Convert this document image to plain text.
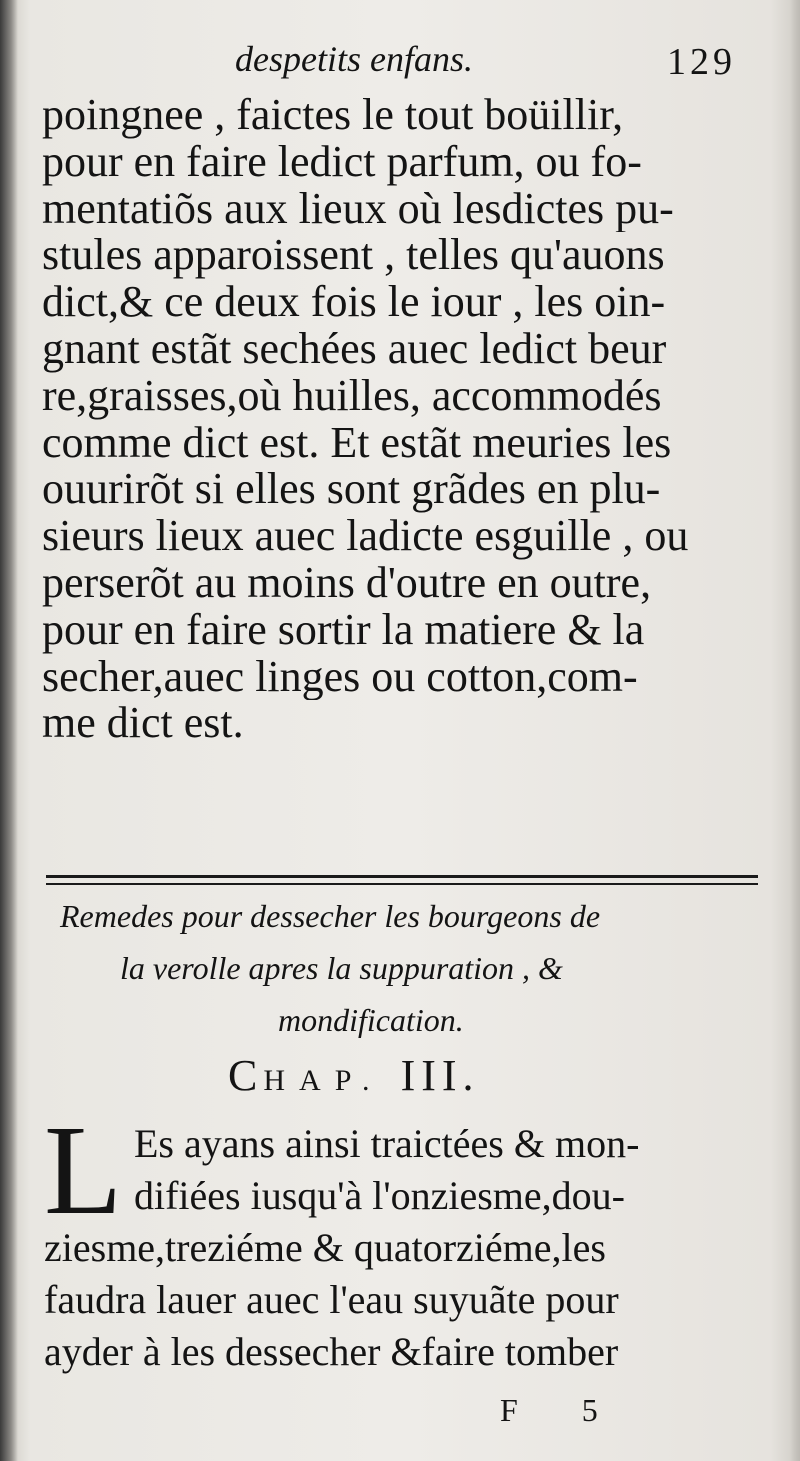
despetits enfans.	129
poingnee , faictes le tout boüillir,
pour en faire ledict parfum, ou fo-
mentatiõs aux lieux où lesdictes pu-
stules apparoissent , telles qu'auons
dict,& ce deux fois le iour , les oin-
gnant estãt sechées auec ledict beur
re,graisses,où huilles, accommodés
comme dict est. Et estãt meuries les
ouurirõt si elles sont grãdes en plu-
sieurs lieux auec ladicte esguille , ou
perserõt au moins d'outre en outre,
pour en faire sortir la matiere & la
secher,auec linges ou cotton,com-
me dict est.
Remedes pour dessecher les bourgeons de
la verolle apres la suppuration , &
mondification.
CHAP. III.
L Es ayans ainsi traictées & mon-
difiées iusqu'à l'onziesme,dou-
ziesme,treziéme & quatorziéme,les
faudra lauer auec l'eau suyuãte pour
ayder à les dessecher &faire tomber
F 5
